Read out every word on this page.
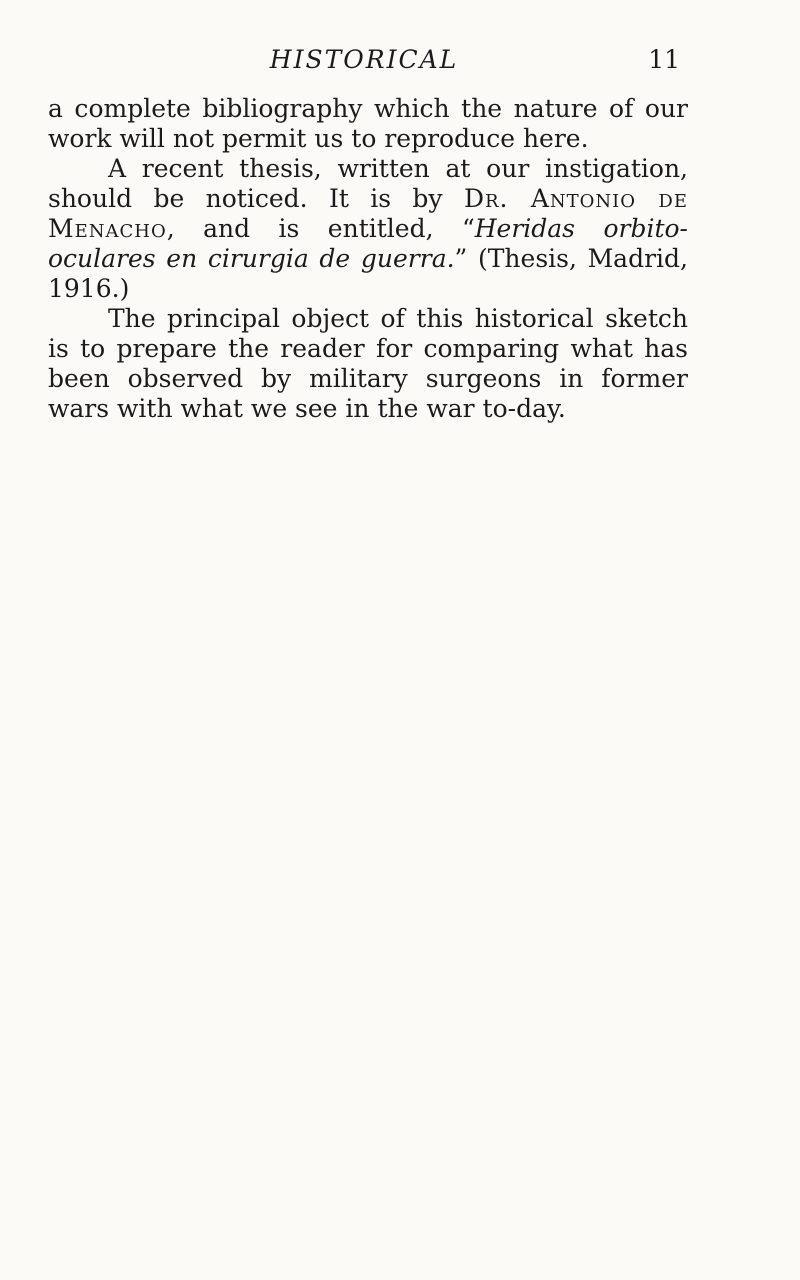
HISTORICAL	11

a complete bibliography which the nature of our work will not permit us to reproduce here.

A recent thesis, written at our instigation, should be noticed. It is by Dr. Antonio de Menacho, and is entitled, “Heridas orbito-oculares en cirurgia de guerra.” (Thesis, Madrid, 1916.)

The principal object of this historical sketch is to prepare the reader for comparing what has been observed by military surgeons in former wars with what we see in the war to-day.
